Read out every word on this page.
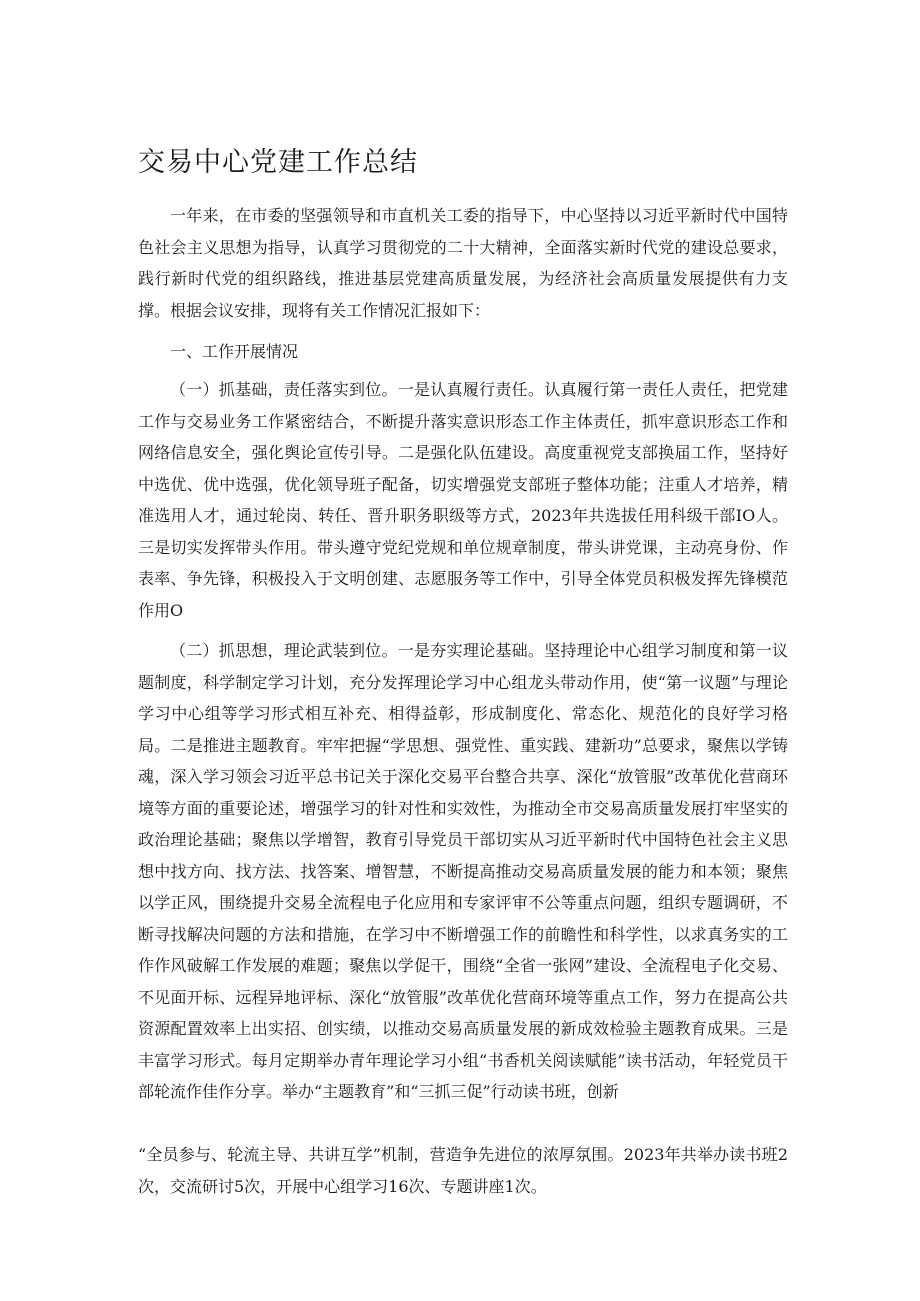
交易中心党建工作总结

一年来，在市委的坚强领导和市直机关工委的指导下，中心坚持以习近平新时代中国特色社会主义思想为指导，认真学习贯彻党的二十大精神，全面落实新时代党的建设总要求，践行新时代党的组织路线，推进基层党建高质量发展，为经济社会高质量发展提供有力支撑。根据会议安排，现将有关工作情况汇报如下：

一、工作开展情况

（一）抓基础，责任落实到位。一是认真履行责任。认真履行第一责任人责任，把党建工作与交易业务工作紧密结合，不断提升落实意识形态工作主体责任，抓牢意识形态工作和网络信息安全，强化舆论宣传引导。二是强化队伍建设。高度重视党支部换届工作，坚持好中选优、优中选强，优化领导班子配备，切实增强党支部班子整体功能；注重人才培养，精准选用人才，通过轮岗、转任、晋升职务职级等方式，2023年共选拔任用科级干部IO人。三是切实发挥带头作用。带头遵守党纪党规和单位规章制度，带头讲党课，主动亮身份、作表率、争先锋，积极投入于文明创建、志愿服务等工作中，引导全体党员积极发挥先锋模范作用O

（二）抓思想，理论武装到位。一是夯实理论基础。坚持理论中心组学习制度和第一议题制度，科学制定学习计划，充分发挥理论学习中心组龙头带动作用，使“第一议题”与理论学习中心组等学习形式相互补充、相得益彰，形成制度化、常态化、规范化的良好学习格局。二是推进主题教育。牢牢把握“学思想、强党性、重实践、建新功”总要求，聚焦以学铸魂，深入学习领会习近平总书记关于深化交易平台整合共享、深化“放管服”改革优化营商环境等方面的重要论述，增强学习的针对性和实效性，为推动全市交易高质量发展打牢坚实的政治理论基础；聚焦以学增智，教育引导党员干部切实从习近平新时代中国特色社会主义思想中找方向、找方法、找答案、增智慧，不断提高推动交易高质量发展的能力和本领；聚焦以学正风，围绕提升交易全流程电子化应用和专家评审不公等重点问题，组织专题调研，不断寻找解决问题的方法和措施，在学习中不断增强工作的前瞻性和科学性，以求真务实的工作作风破解工作发展的难题；聚焦以学促干，围绕“全省一张网”建设、全流程电子化交易、不见面开标、远程异地评标、深化“放管服”改革优化营商环境等重点工作，努力在提高公共资源配置效率上出实招、创实绩，以推动交易高质量发展的新成效检验主题教育成果。三是丰富学习形式。每月定期举办青年理论学习小组“书香机关阅读赋能”读书活动，年轻党员干部轮流作佳作分享。举办“主题教育”和“三抓三促”行动读书班，创新

“全员参与、轮流主导、共讲互学”机制，营造争先进位的浓厚氛围。2023年共举办读书班2次，交流研讨5次，开展中心组学习16次、专题讲座1次。
